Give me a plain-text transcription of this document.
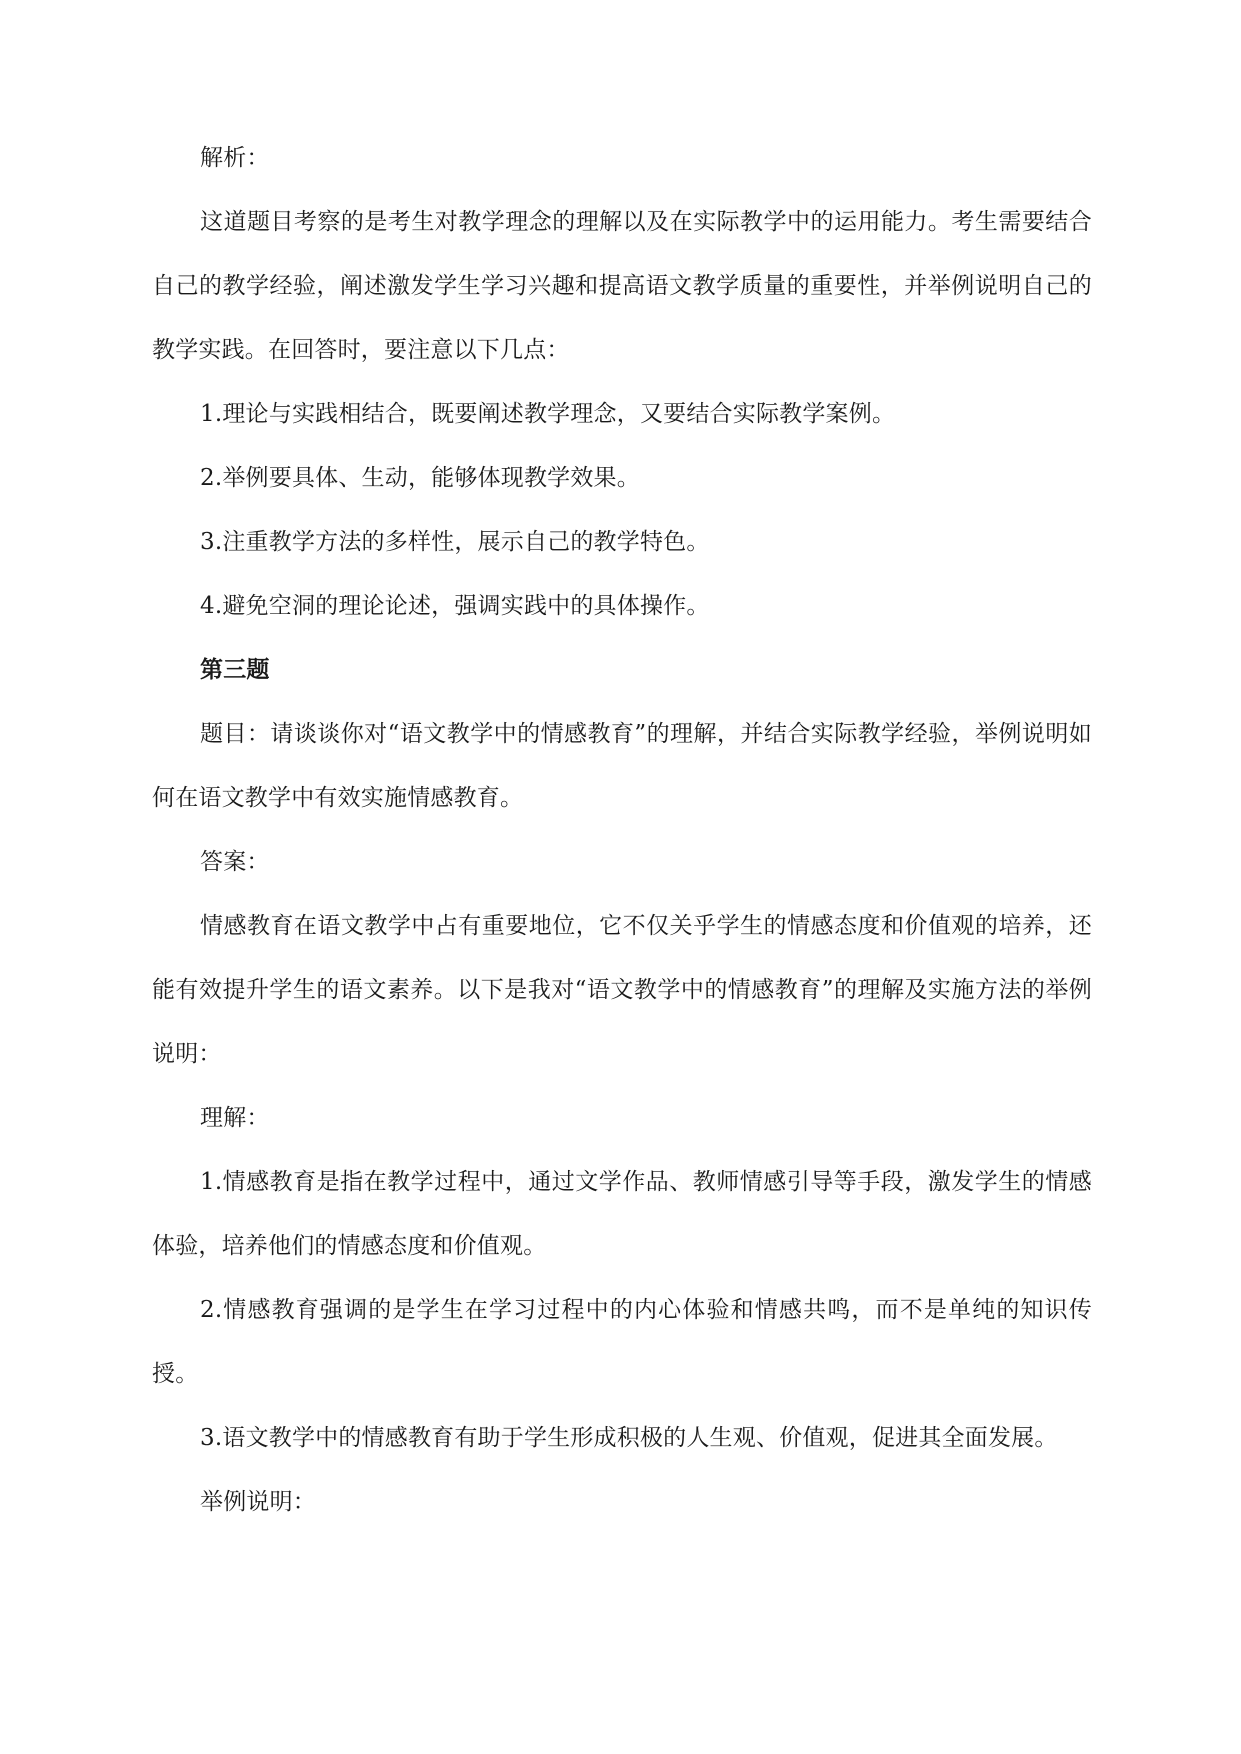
解析：

这道题目考察的是考生对教学理念的理解以及在实际教学中的运用能力。考生需要结合自己的教学经验，阐述激发学生学习兴趣和提高语文教学质量的重要性，并举例说明自己的教学实践。在回答时，要注意以下几点：

1.理论与实践相结合，既要阐述教学理念，又要结合实际教学案例。

2.举例要具体、生动，能够体现教学效果。

3.注重教学方法的多样性，展示自己的教学特色。

4.避免空洞的理论论述，强调实践中的具体操作。

第三题

题目：请谈谈你对“语文教学中的情感教育”的理解，并结合实际教学经验，举例说明如何在语文教学中有效实施情感教育。

答案：

情感教育在语文教学中占有重要地位，它不仅关乎学生的情感态度和价值观的培养，还能有效提升学生的语文素养。以下是我对“语文教学中的情感教育”的理解及实施方法的举例说明：

理解：

1.情感教育是指在教学过程中，通过文学作品、教师情感引导等手段，激发学生的情感体验，培养他们的情感态度和价值观。

2.情感教育强调的是学生在学习过程中的内心体验和情感共鸣，而不是单纯的知识传授。

3.语文教学中的情感教育有助于学生形成积极的人生观、价值观，促进其全面发展。

举例说明：
